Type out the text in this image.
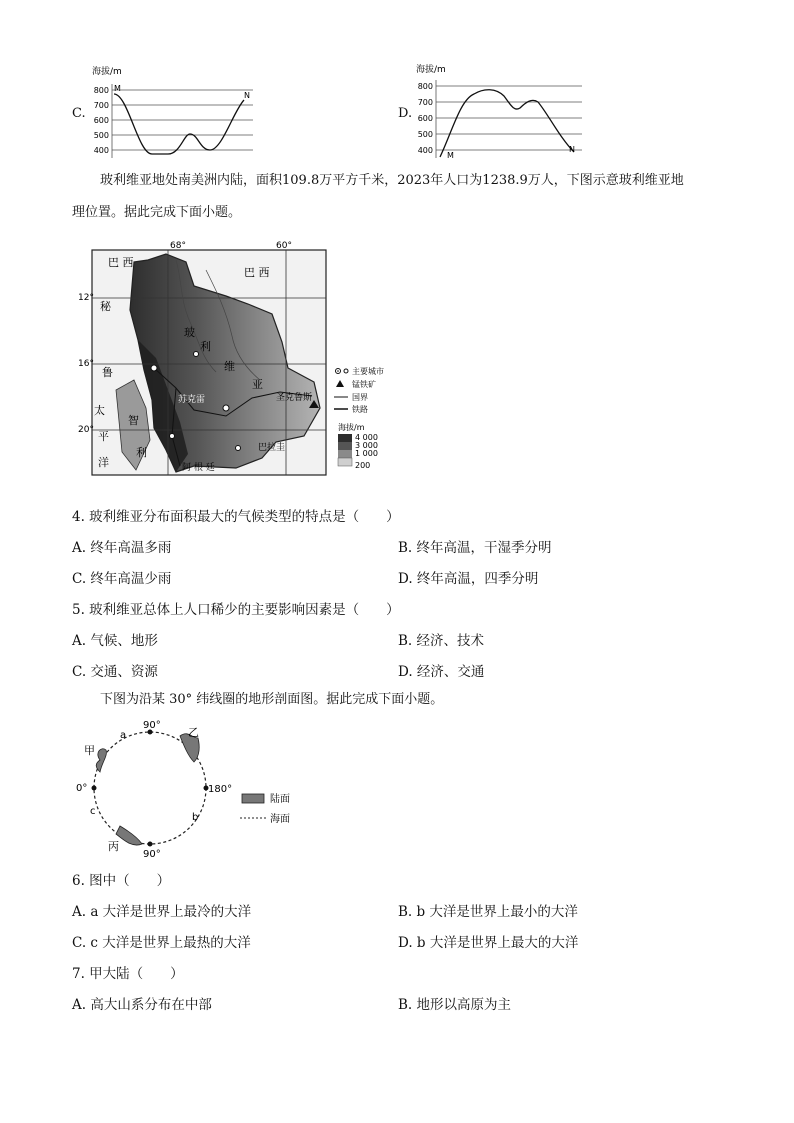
C.
海拔/m
800
700
600
500
400
M
N
D.
海拔/m
800
700
600
500
400
M
N
玻利维亚地处南美洲内陆，面积109.8万平方千米，2023年人口为1238.9万人，下图示意玻利维亚地
理位置。据此完成下面小题。
68°	60°
12°
16°
20°
巴 西
巴 西
秘
鲁
太
平
洋
智
利
玻
利
维
亚
阿 根 廷
巴拉圭
苏克雷	圣克鲁斯
主要城市
锰铁矿
国界
铁路
海拔/m
4 000
3 000
1 000
200
4. 玻利维亚分布面积最大的气候类型的特点是（　　）
A. 终年高温多雨	B. 终年高温，干湿季分明
C. 终年高温少雨	D. 终年高温，四季分明
5. 玻利维亚总体上人口稀少的主要影响因素是（　　）
A. 气候、地形	B. 经济、技术
C. 交通、资源	D. 经济、交通
下图为沿某 30° 纬线圈的地形剖面图。据此完成下面小题。
90°
90°
0°	180°
a
b
c
甲
乙
丙
陆面
海面
6. 图中（　　）
A. a 大洋是世界上最冷的大洋	B. b 大洋是世界上最小的大洋
C. c 大洋是世界上最热的大洋	D. b 大洋是世界上最大的大洋
7. 甲大陆（　　）
A. 高大山系分布在中部	B. 地形以高原为主
